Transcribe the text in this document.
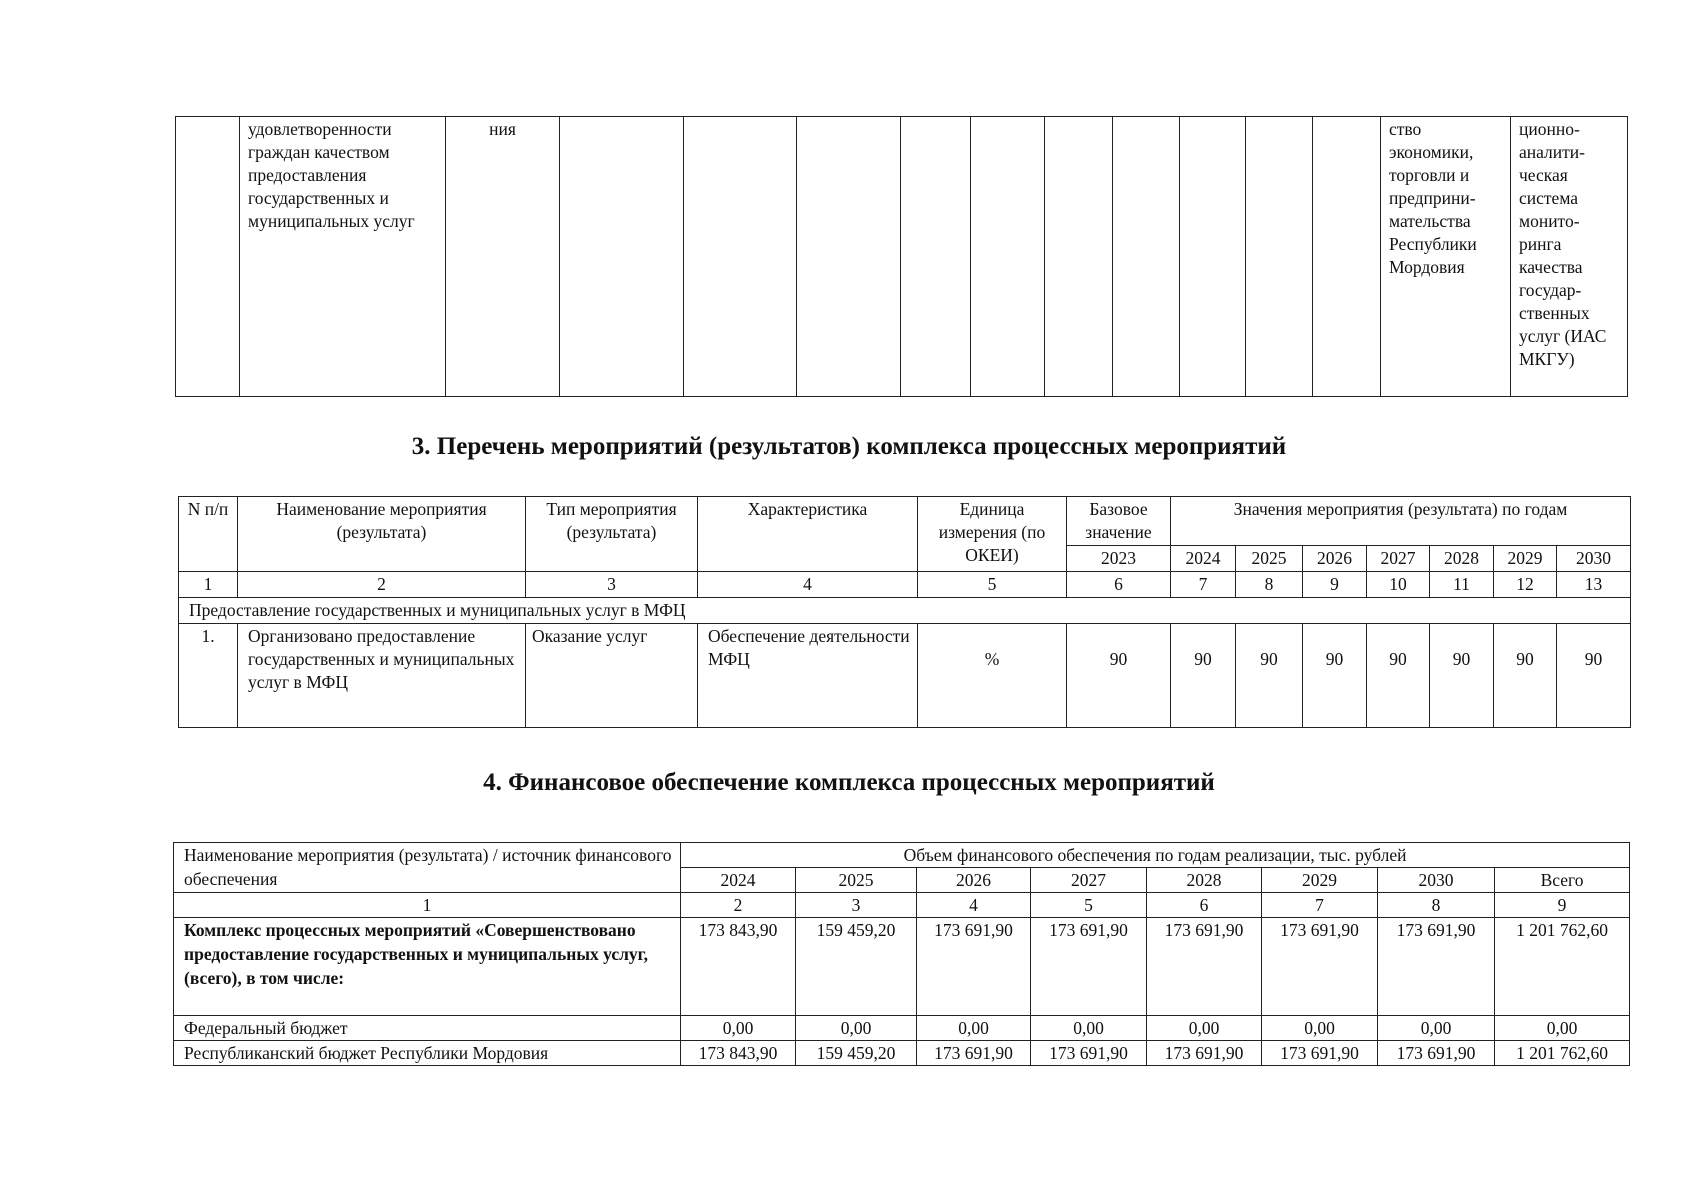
	удовлетворенности граждан качеством предоставления государственных и муниципальных услуг	ния											ство экономики, торговли и предприни-мательства Республики Мордовия	ционно-аналити-ческая система монито-ринга качества государ-ственных услуг (ИАС МКГУ)
3. Перечень мероприятий (результатов) комплекса процессных мероприятий
N п/п	Наименование мероприятия (результата)	Тип мероприятия (результата)	Характеристика	Единица измерения (по ОКЕИ)	Базовое значение	Значения мероприятия (результата) по годам						
					2023	2024	2025	2026	2027	2028	2029	2030
1	2	3	4	5	6	7	8	9	10	11	12	13
Предоставление государственных и муниципальных услуг в МФЦ												
1.	Организовано предоставление государственных и муниципальных услуг в МФЦ	Оказание услуг	Обеспечение деятельности МФЦ	%	90	90	90	90	90	90	90	90
4. Финансовое обеспечение комплекса процессных мероприятий
Наименование мероприятия (результата) / источник финансового обеспечения	Объем финансового обеспечения по годам реализации, тыс. рублей							
	2024	2025	2026	2027	2028	2029	2030	Всего
1	2	3	4	5	6	7	8	9
Комплекс процессных мероприятий «Совершенствовано предоставление государственных и муниципальных услуг, (всего), в том числе:	173 843,90	159 459,20	173 691,90	173 691,90	173 691,90	173 691,90	173 691,90	1 201 762,60
Федеральный бюджет	0,00	0,00	0,00	0,00	0,00	0,00	0,00	0,00
Республиканский бюджет Республики Мордовия	173 843,90	159 459,20	173 691,90	173 691,90	173 691,90	173 691,90	173 691,90	1 201 762,60
